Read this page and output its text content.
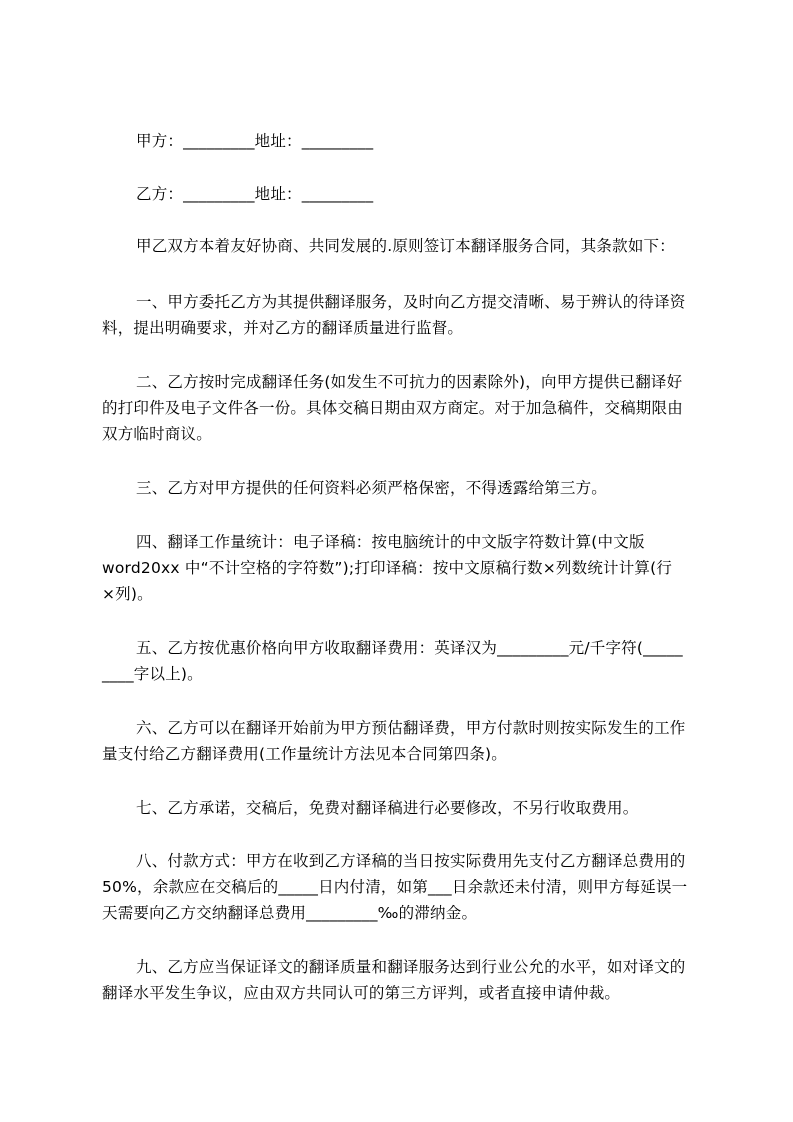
甲方：_________地址：_________
乙方：_________地址：_________
甲乙双方本着友好协商、共同发展的.原则签订本翻译服务合同，其条款如下：
一、甲方委托乙方为其提供翻译服务，及时向乙方提交清晰、易于辨认的待译资
料，提出明确要求，并对乙方的翻译质量进行监督。
二、乙方按时完成翻译任务(如发生不可抗力的因素除外)，向甲方提供已翻译好
的打印件及电子文件各一份。具体交稿日期由双方商定。对于加急稿件，交稿期限由
双方临时商议。
三、乙方对甲方提供的任何资料必须严格保密，不得透露给第三方。
四、翻译工作量统计：电子译稿：按电脑统计的中文版字符数计算(中文版
word20xx 中“不计空格的字符数”);打印译稿：按中文原稿行数×列数统计计算(行
×列)。
五、乙方按优惠价格向甲方收取翻译费用：英译汉为_________元/千字符(_____
____字以上)。
六、乙方可以在翻译开始前为甲方预估翻译费，甲方付款时则按实际发生的工作
量支付给乙方翻译费用(工作量统计方法见本合同第四条)。
七、乙方承诺，交稿后，免费对翻译稿进行必要修改，不另行收取费用。
八、付款方式：甲方在收到乙方译稿的当日按实际费用先支付乙方翻译总费用的
50%，余款应在交稿后的_____日内付清，如第___日余款还未付清，则甲方每延误一
天需要向乙方交纳翻译总费用_________‰的滞纳金。
九、乙方应当保证译文的翻译质量和翻译服务达到行业公允的水平，如对译文的
翻译水平发生争议，应由双方共同认可的第三方评判，或者直接申请仲裁。
